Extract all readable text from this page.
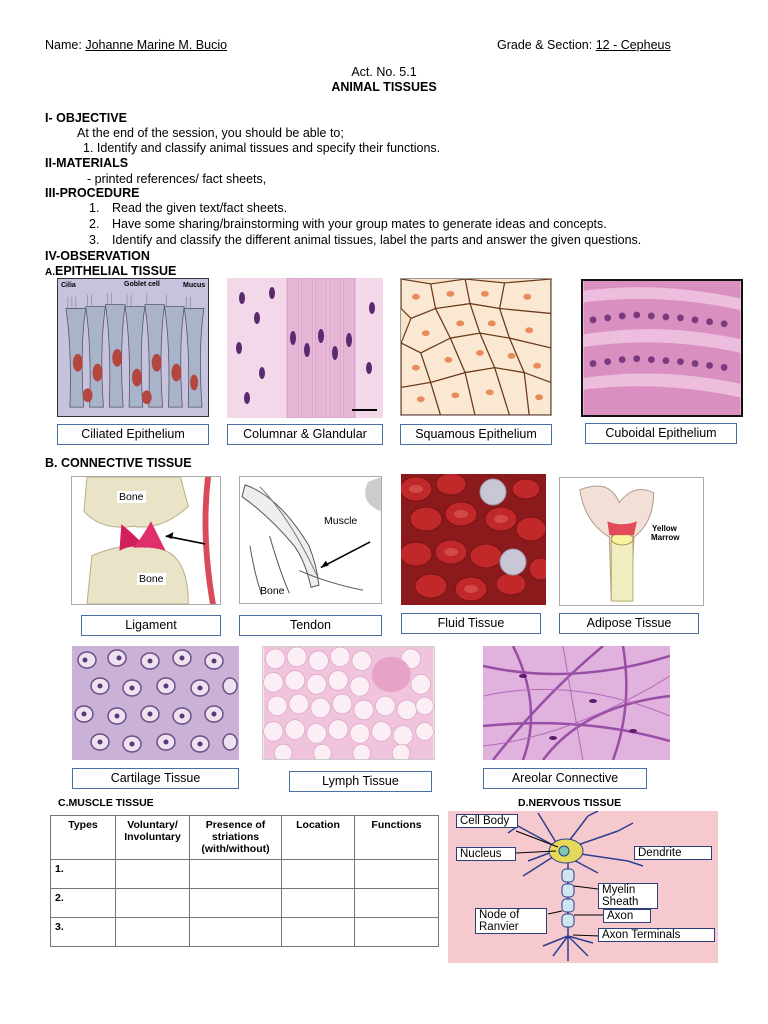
Name: Johanne Marine M. Bucio	Grade & Section: 12 - Cepheus
Act. No. 5.1
ANIMAL TISSUES
I- OBJECTIVE
At the end of the session, you should be able to;
1. Identify and classify animal tissues and specify their functions.
II-MATERIALS
- printed references/ fact sheets,
III-PROCEDURE
1. Read the given text/fact sheets.
2. Have some sharing/brainstorming with your group mates to generate ideas and concepts.
3. Identify and classify the different animal tissues, label the parts and answer the given questions.
IV-OBSERVATION
A.EPITHELIAL TISSUE
Cilia	Goblet cell	Mucus
Ciliated Epithelium	Columnar & Glandular	Squamous Epithelium	Cuboidal Epithelium
B. CONNECTIVE TISSUE
Bone
Bone
Muscle
Bone
Yellow
Marrow
Ligament	Tendon	Fluid Tissue	Adipose Tissue
Cartilage Tissue	Lymph Tissue	Areolar Connective
C.MUSCLE TISSUE
Types	Voluntary/ Involuntary	Presence of striations (with/without)	Location	Functions
1.				
2.				
3.				
D.NERVOUS TISSUE
Cell Body
Nucleus	Dendrite
Myelin Sheath
Axon
Node of Ranvier
Axon Terminals
